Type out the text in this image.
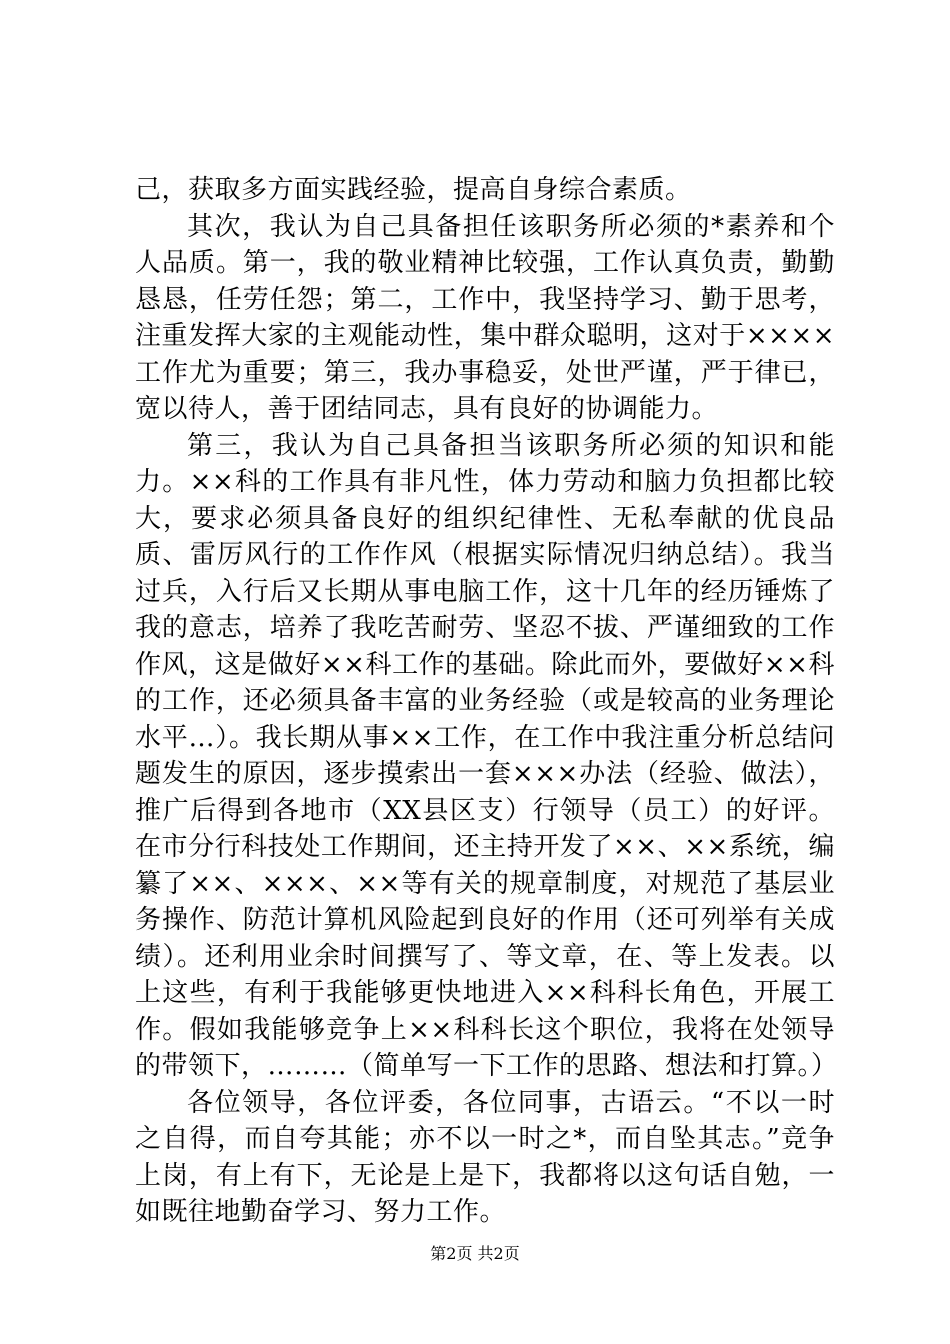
己，获取多方面实践经验，提高自身综合素质。

其次，我认为自己具备担任该职务所必须的*素养和个人品质。第一，我的敬业精神比较强，工作认真负责，勤勤恳恳，任劳任怨；第二，工作中，我坚持学习、勤于思考，注重发挥大家的主观能动性，集中群众聪明，这对于××××工作尤为重要；第三，我办事稳妥，处世严谨，严于律已，宽以待人，善于团结同志，具有良好的协调能力。

第三，我认为自己具备担当该职务所必须的知识和能力。××科的工作具有非凡性，体力劳动和脑力负担都比较大，要求必须具备良好的组织纪律性、无私奉献的优良品质、雷厉风行的工作作风（根据实际情况归纳总结）。我当过兵，入行后又长期从事电脑工作，这十几年的经历锤炼了我的意志，培养了我吃苦耐劳、坚忍不拔、严谨细致的工作作风，这是做好××科工作的基础。除此而外，要做好××科的工作，还必须具备丰富的业务经验（或是较高的业务理论水平…）。我长期从事××工作，在工作中我注重分析总结问题发生的原因，逐步摸索出一套×××办法（经验、做法），推广后得到各地市（XX县区支）行领导（员工）的好评。在市分行科技处工作期间，还主持开发了××、××系统，编纂了××、×××、××等有关的规章制度，对规范了基层业务操作、防范计算机风险起到良好的作用（还可列举有关成绩）。还利用业余时间撰写了、等文章，在、等上发表。以上这些，有利于我能够更快地进入××科科长角色，开展工作。假如我能够竞争上××科科长这个职位，我将在处领导的带领下，………（简单写一下工作的思路、想法和打算。）

各位领导，各位评委，各位同事，古语云。“不以一时之自得，而自夸其能；亦不以一时之*，而自坠其志。”竞争上岗，有上有下，无论是上是下，我都将以这句话自勉，一如既往地勤奋学习、努力工作。

第2页 共2页
